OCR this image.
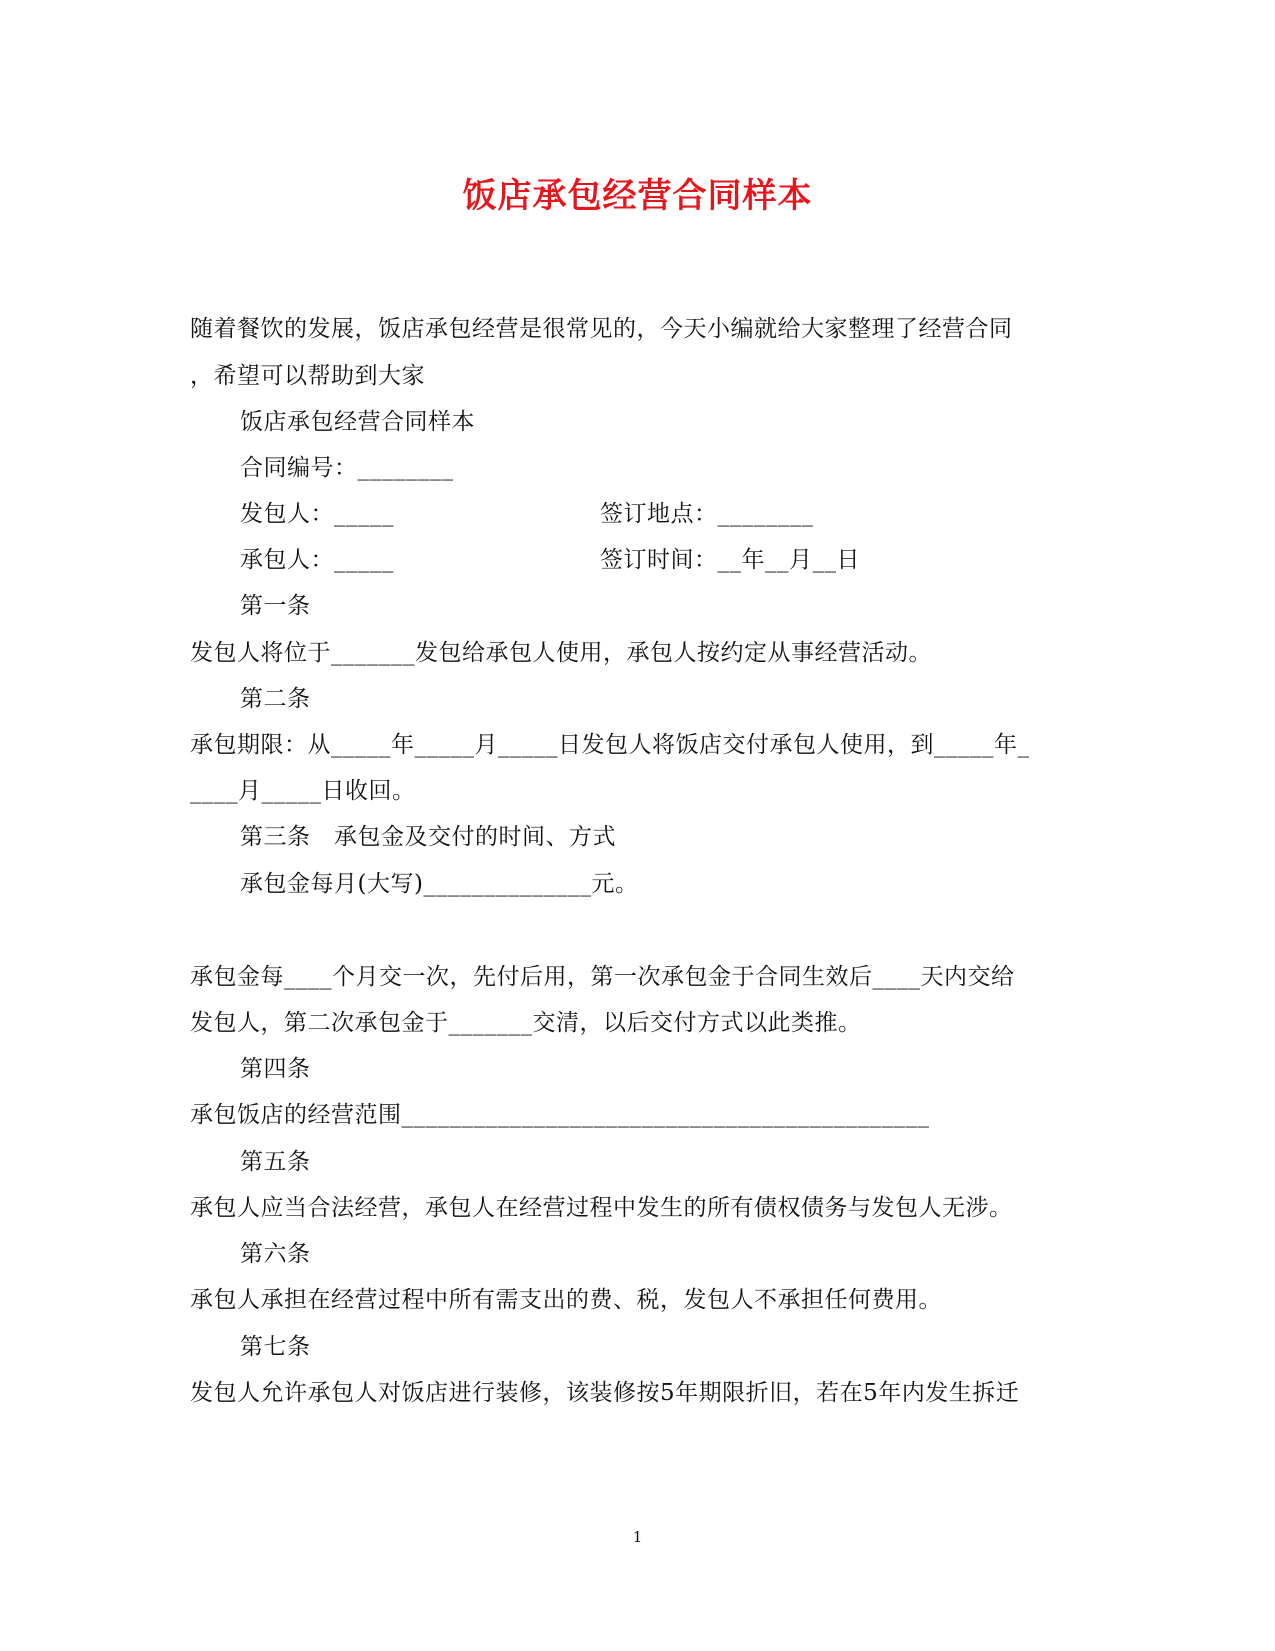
饭店承包经营合同样本
随着餐饮的发展，饭店承包经营是很常见的，今天小编就给大家整理了经营合同
，希望可以帮助到大家
饭店承包经营合同样本
合同编号：________
发包人：_____	签订地点：________
承包人：_____	签订时间：__年__月__日
第一条
发包人将位于_______发包给承包人使用，承包人按约定从事经营活动。
第二条
承包期限：从_____年_____月_____日发包人将饭店交付承包人使用，到_____年_
____月_____日收回。
第三条　承包金及交付的时间、方式
承包金每月(大写)______________元。
承包金每____个月交一次，先付后用，第一次承包金于合同生效后____天内交给
发包人，第二次承包金于_______交清，以后交付方式以此类推。
第四条
承包饭店的经营范围____________________________________________
第五条
承包人应当合法经营，承包人在经营过程中发生的所有债权债务与发包人无涉。
第六条
承包人承担在经营过程中所有需支出的费、税，发包人不承担任何费用。
第七条
发包人允许承包人对饭店进行装修，该装修按5年期限折旧，若在5年内发生拆迁
1
